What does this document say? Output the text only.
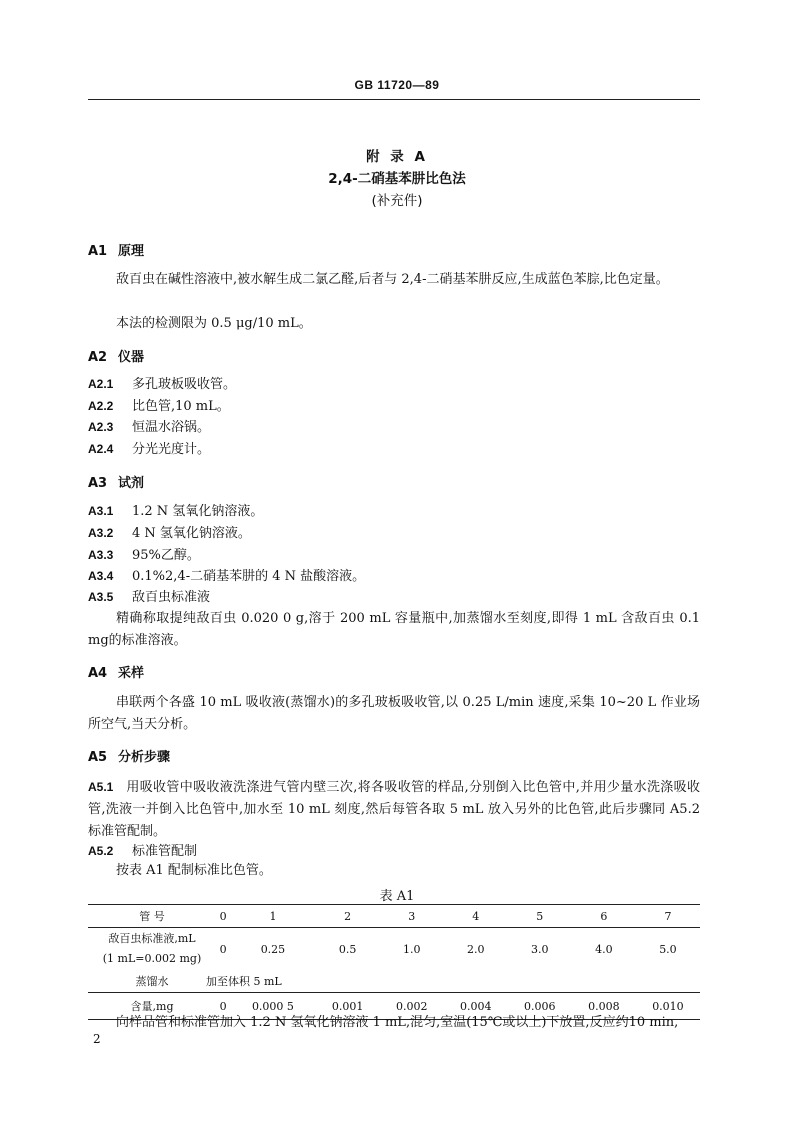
GB 11720—89
附 录 A
2,4-二硝基苯肼比色法
(补充件)
A1 原理

敌百虫在碱性溶液中,被水解生成二氯乙醛,后者与 2,4-二硝基苯肼反应,生成蓝色苯腙,比色定量。

本法的检测限为 0.5 μg/10 mL。

A2 仪器
A2.1 多孔玻板吸收管。
A2.2 比色管,10 mL。
A2.3 恒温水浴锅。
A2.4 分光光度计。
A3 试剂
A3.1 1.2 N 氢氧化钠溶液。
A3.2 4 N 氢氧化钠溶液。
A3.3 95%乙醇。
A3.4 0.1%2,4-二硝基苯肼的 4 N 盐酸溶液。
A3.5 敌百虫标准液

精确称取提纯敌百虫 0.020 0 g,溶于 200 mL 容量瓶中,加蒸馏水至刻度,即得 1 mL 含敌百虫 0.1 mg的标准溶液。

A4 采样

串联两个各盛 10 mL 吸收液(蒸馏水)的多孔玻板吸收管,以 0.25 L/min 速度,采集 10~20 L 作业场所空气,当天分析。

A5 分析步骤

A5.1 用吸收管中吸收液洗涤进气管内壁三次,将各吸收管的样品,分别倒入比色管中,并用少量水洗涤吸收管,洗液一并倒入比色管中,加水至 10 mL 刻度,然后每管各取 5 mL 放入另外的比色管,此后步骤同 A5.2 标准管配制。

A5.2 标准管配制

按表 A1 配制标准比色管。

表 A1
管 号	0	1	2	3	4	5	6	7

敌百虫标准液,mL
(1 mL=0.002 mg)	0	0.25	0.5	1.0	2.0	3.0	4.0	5.0
蒸馏水	加至体积 5 mL							
含量,mg	0	0.000 5	0.001	0.002	0.004	0.006	0.008	0.010

向样品管和标准管加入 1.2 N 氢氧化钠溶液 1 mL,混匀,室温(15℃或以上)下放置,反应约10 min,

2
